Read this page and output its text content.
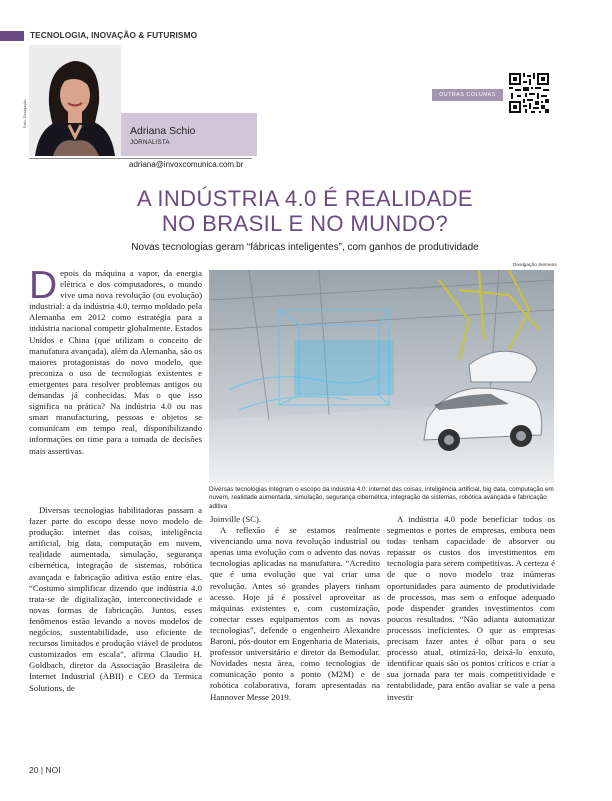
TECNOLOGIA, INOVAÇÃO & FUTURISMO
Foto: Divulgação
Adriana Schio
JORNALISTA
adriana@invoxcomunica.com.br
OUTRAS COLUNAS
A INDÚSTRIA 4.0 É REALIDADE
NO BRASIL E NO MUNDO?
Novas tecnologias geram “fábricas inteligentes”, com ganhos de produtividade
D epois da máquina a vapor, da energia elétrica e dos computadores, o mundo vive uma nova revolução (ou evolução) industrial: a da indústria 4.0, termo moldado pela Alemanha em 2012 como estratégia para a indústria nacional competir globalmente. Estados Unidos e China (que utilizam o conceito de manufatura avançada), além da Alemanha, são os maiores protagonistas do novo modelo, que preconiza o uso de tecnologias existentes e emergentes para resolver problemas antigos ou demandas já conhecidas. Mas o que isso significa na prática? Na indústria 4.0 ou nas smart manufacturing, pessoas e objetos se comunicam em tempo real, disponibilizando informações on time para a tomada de decisões mais assertivas.

Diversas tecnologias habilitadoras passam a fazer parte do escopo desse novo modelo de produção: internet das coisas, inteligência artificial, big data, computação em nuvem, realidade aumentada, simulação, segurança cibernética, integração de sistemas, robótica avançada e fabricação aditiva estão entre elas. “Costumo simplificar dizendo que indústria 4.0 trata-se de digitalização, interconectividade e novas formas de fabricação. Juntos, esses fenômenos estão levando a novos modelos de negócios, sustentabilidade, uso eficiente de recursos limitados e produção viável de produtos customizados em escala”, afirma Claudio H. Goldbach, diretor da Associação Brasileira de Internet Industrial (ABII) e CEO da Termica Solutions, de

Joinville (SC).

A reflexão é se estamos realmente vivenciando uma nova revolução industrial ou apenas uma evolução com o advento das novas tecnologias aplicadas na manufatura. “Acredito que é uma evolução que vai criar uma revolução. Antes só grandes players tinham acesso. Hoje já é possível aproveitar as máquinas existentes e, com customização, conectar esses equipamentos com as novas tecnologias”, defende o engenheiro Alexandre Baroni, pós-doutor em Engenharia de Materiais, professor universitário e diretor da Bemodular. Novidades nesta área, como tecnologias de comunicação ponto a ponto (M2M) e de robótica colaborativa, foram apresentadas na Hannover Messe 2019.

A indústria 4.0 pode beneficiar todos os segmentos e portes de empresas, embora nem todas tenham capacidade de absorver ou repassar os custos dos investimentos em tecnologia para serem competitivas. A certeza é de que o novo modelo traz inúmeras oportunidades para aumento de produtividade de processos, mas sem o enfoque adequado pode dispender grandes investimentos com poucos resultados. “Não adianta automatizar processos ineficientes. O que as empresas precisam fazer antes é olhar para o seu processo atual, otimizá-lo, deixá-lo enxuto, identificar quais são os pontos críticos e criar a sua jornada para ter mais competitividade e rentabilidade, para então avaliar se vale a pena investir

Divulgação Siemens
Diversas tecnologias integram o escopo da indústria 4.0: internet das coisas, inteligência artificial, big data, computação em nuvem, realidade aumentada, simulação, segurança cibernética, integração de sistemas, robótica avançada e fabricação aditiva
20 | NOI
